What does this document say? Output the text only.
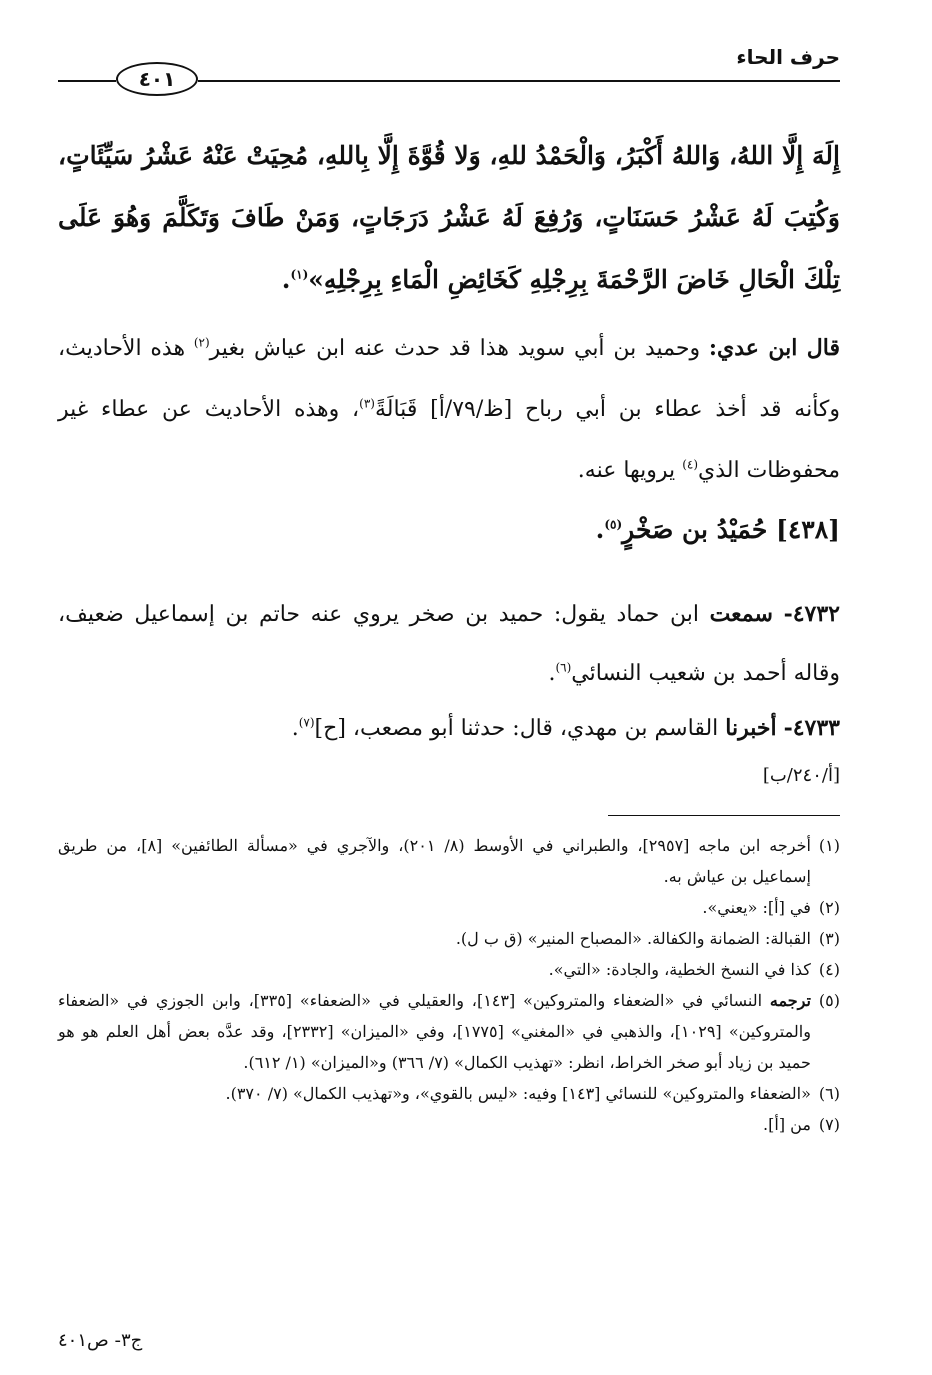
حرف الحاء
٤٠١
إِلَهَ إِلَّا اللهُ، وَاللهُ أَكْبَرُ، وَالْحَمْدُ للهِ، وَلا قُوَّةَ إِلَّا بِاللهِ، مُحِيَتْ عَنْهُ عَشْرُ سَيِّئَاتٍ، وَكُتِبَ لَهُ عَشْرُ حَسَنَاتٍ، وَرُفِعَ لَهُ عَشْرُ دَرَجَاتٍ، وَمَنْ طَافَ وَتَكَلَّمَ وَهُوَ عَلَى تِلْكَ الْحَالِ خَاضَ الرَّحْمَةَ بِرِجْلِهِ كَخَائِضِ الْمَاءِ بِرِجْلِهِ»$^{(١)}$.
قال ابن عدي: وحميد بن أبي سويد هذا قد حدث عنه ابن عياش بغير$^{(٢)}$ هذه الأحاديث، وكأنه قد أخذ عطاء بن أبي رباح [ظ/٧٩/أ] قَبَالَةً$^{(٣)}$، وهذه الأحاديث عن عطاء غير محفوظات الذي$^{(٤)}$ يرويها عنه.
[٤٣٨] حُمَيْدُ بن صَخْرٍ$^{(٥)}$.
٤٧٣٢- سمعت ابن حماد يقول: حميد بن صخر يروي عنه حاتم بن إسماعيل ضعيف، وقاله أحمد بن شعيب النسائي$^{(٦)}$.
٤٧٣٣- أخبرنا القاسم بن مهدي، قال: حدثنا أبو مصعب، [ح]$^{(٧)}$.
[أ/٢٤٠/ب]
(١)
أخرجه ابن ماجه [٢٩٥٧]، والطبراني في الأوسط (٨/ ٢٠١)، والآجري في «مسألة الطائفين» [٨]، من طريق إسماعيل بن عياش به.
(٢)
في [أ]: «يعني».
(٣)
القبالة: الضمانة والكفالة. «المصباح المنير» (ق ب ل).
(٤)
كذا في النسخ الخطية، والجادة: «التي».
(٥)
ترجمه النسائي في «الضعفاء والمتروكين» [١٤٣]، والعقيلي في «الضعفاء» [٣٣٥]، وابن الجوزي في «الضعفاء والمتروكين» [١٠٢٩]، والذهبي في «المغني» [١٧٧٥]، وفي «الميزان» [٢٣٣٢]، وقد عدَّه بعض أهل العلم هو هو حميد بن زياد أبو صخر الخراط، انظر: «تهذيب الكمال» (٧/ ٣٦٦) و«الميزان» (١/ ٦١٢).
(٦)
«الضعفاء والمتروكين» للنسائي [١٤٣] وفيه: «ليس بالقوي»، و«تهذيب الكمال» (٧/ ٣٧٠).
(٧)
من [أ].
ج٣- ص٤٠١
